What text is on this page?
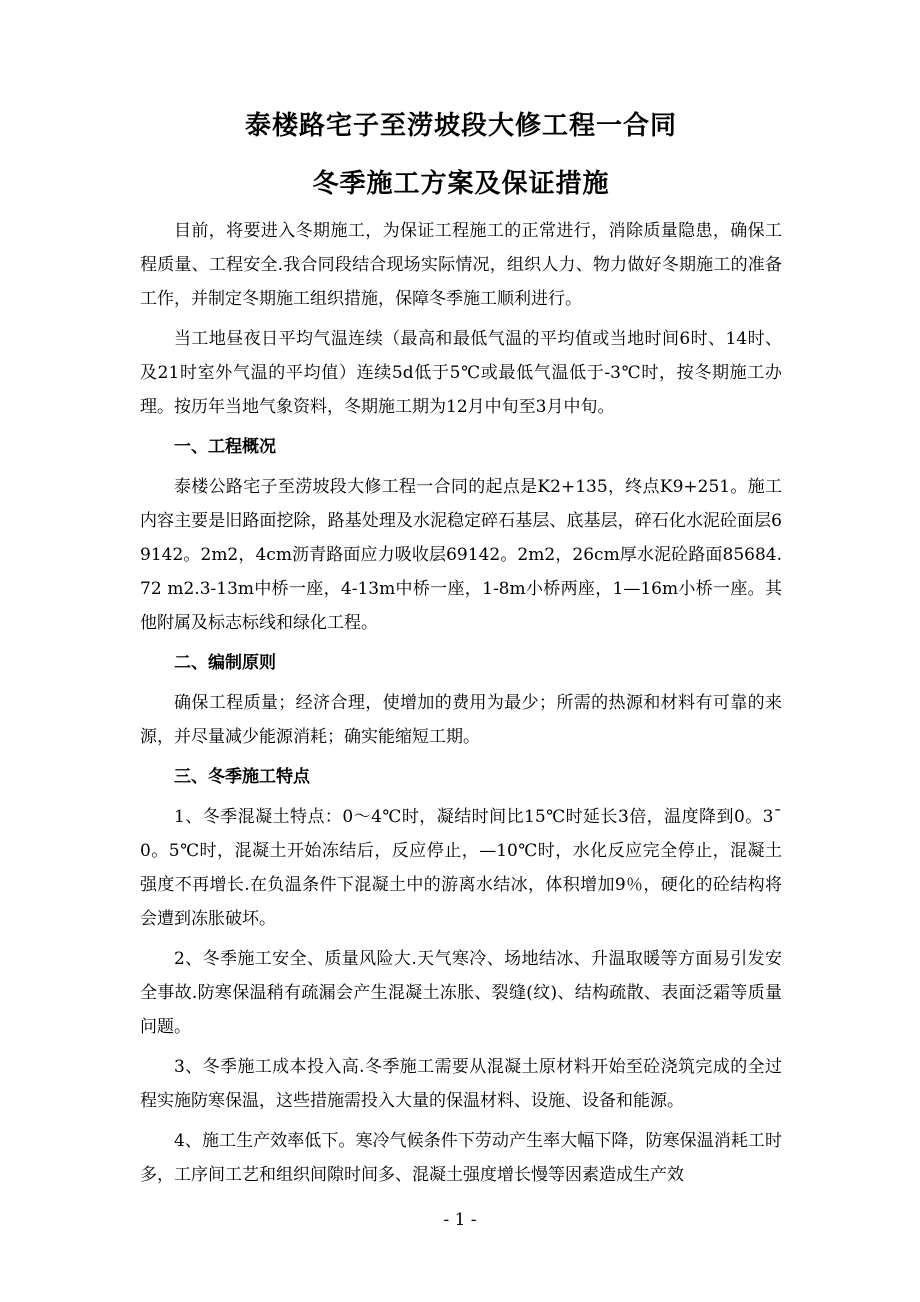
泰楼路宅子至涝坡段大修工程一合同
冬季施工方案及保证措施

目前，将要进入冬期施工，为保证工程施工的正常进行，消除质量隐患，确保工程质量、工程安全.我合同段结合现场实际情况，组织人力、物力做好冬期施工的准备工作，并制定冬期施工组织措施，保障冬季施工顺利进行。

当工地昼夜日平均气温连续（最高和最低气温的平均值或当地时间6时、14时、及21时室外气温的平均值）连续5d低于5℃或最低气温低于-3℃时，按冬期施工办理。按历年当地气象资料，冬期施工期为12月中旬至3月中旬。

一、工程概况

泰楼公路宅子至涝坡段大修工程一合同的起点是K2+135，终点K9+251。施工内容主要是旧路面挖除，路基处理及水泥稳定碎石基层、底基层，碎石化水泥砼面层69142。2m2，4cm沥青路面应力吸收层69142。2m2，26cm厚水泥砼路面85684.72 m2.3-13m中桥一座，4-13m中桥一座，1-8m小桥两座，1—16m小桥一座。其他附属及标志标线和绿化工程。

二、编制原则

确保工程质量；经济合理，使增加的费用为最少；所需的热源和材料有可靠的来源，并尽量减少能源消耗；确实能缩短工期。

三、冬季施工特点

1、冬季混凝土特点：0～4℃时，凝结时间比15℃时延长3倍，温度降到0。3¯0。5℃时，混凝土开始冻结后，反应停止，—10℃时，水化反应完全停止，混凝土强度不再增长.在负温条件下混凝土中的游离水结冰，体积增加9％，硬化的砼结构将会遭到冻胀破坏。

2、冬季施工安全、质量风险大.天气寒冷、场地结冰、升温取暖等方面易引发安全事故.防寒保温稍有疏漏会产生混凝土冻胀、裂缝(纹)、结构疏散、表面泛霜等质量问题。

3、冬季施工成本投入高.冬季施工需要从混凝土原材料开始至砼浇筑完成的全过程实施防寒保温，这些措施需投入大量的保温材料、设施、设备和能源。

4、施工生产效率低下。寒冷气候条件下劳动产生率大幅下降，防寒保温消耗工时多，工序间工艺和组织间隙时间多、混凝土强度增长慢等因素造成生产效

- 1 -
